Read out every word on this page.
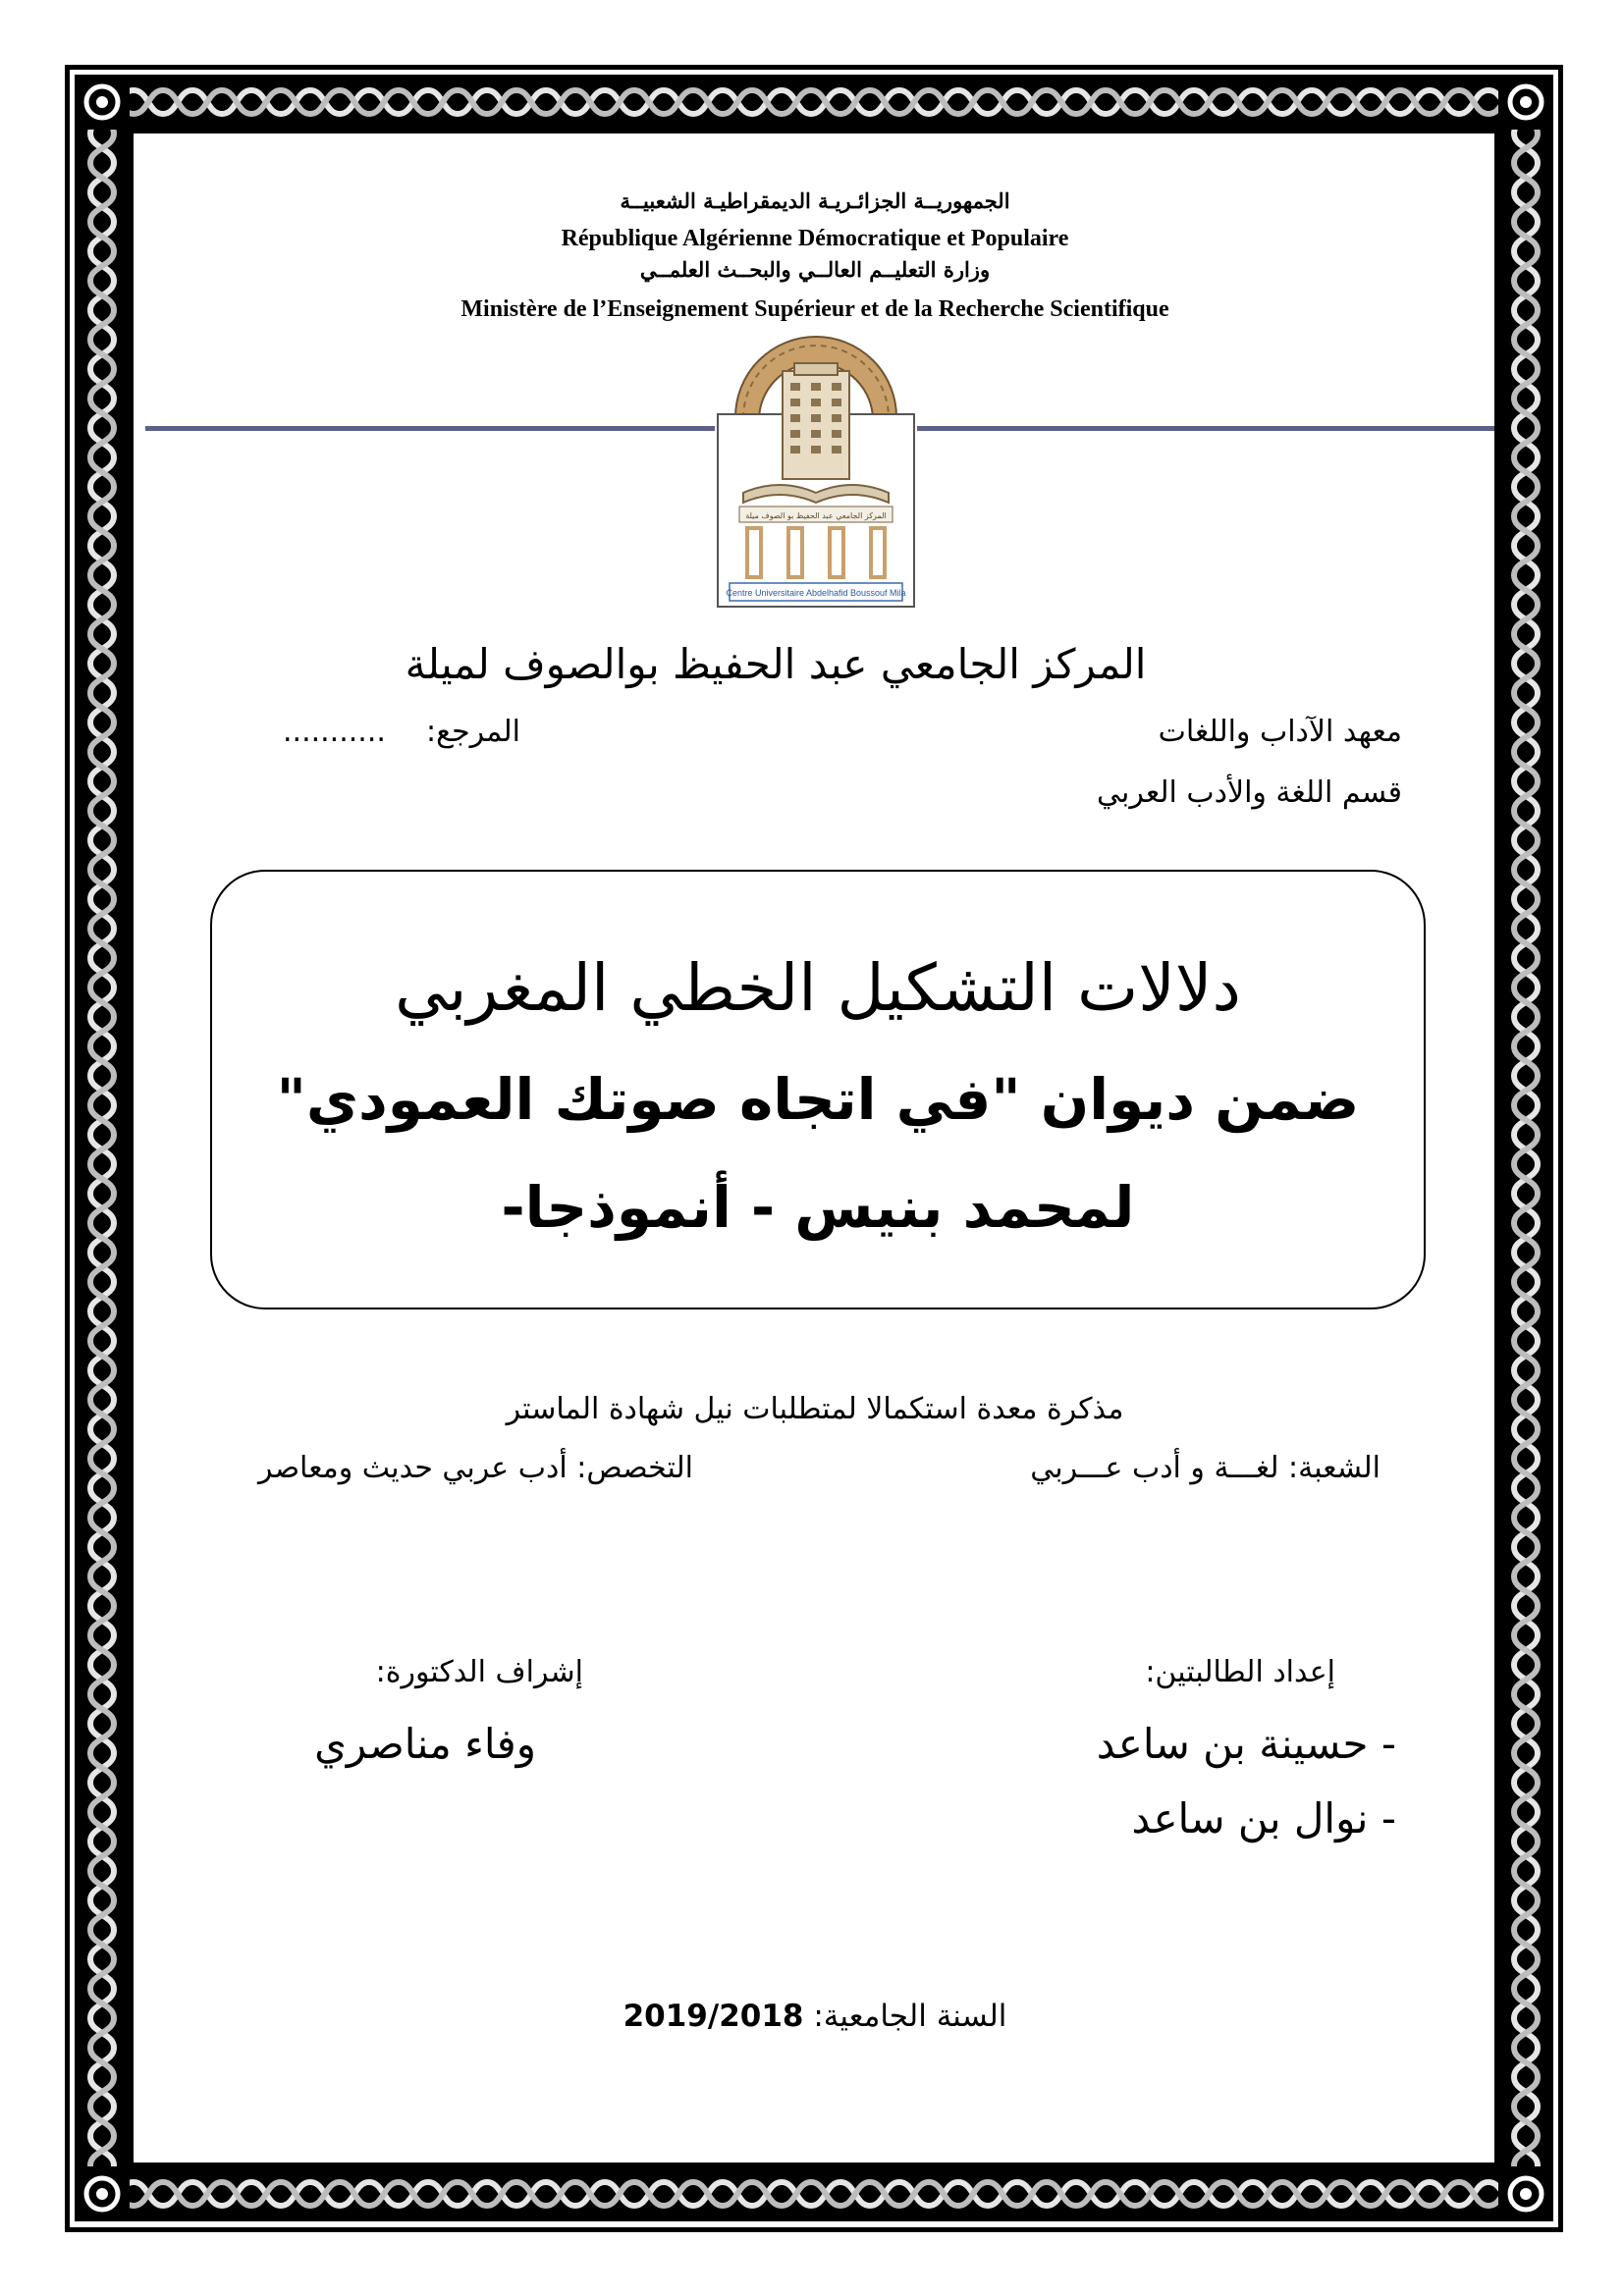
الجمهوريــة الجزائـريـة الديمقراطيـة الشعبيــة
République Algérienne Démocratique et Populaire
وزارة التعليــم العالــي والبحــث العلمــي
Ministère de l’Enseignement Supérieur et de la Recherche Scientifique
المركز الجامعي عبد الحفيظ بو الصوف ميلة
Centre Universitaire Abdelhafid Boussouf Mila
المركز الجامعي عبد الحفيظ بوالصوف لميلة
معهد الآداب واللغات
المرجع:
...........
قسم اللغة والأدب العربي
دلالات التشكيل الخطي المغربي
ضمن ديوان "في اتجاه صوتك العمودي"
لمحمد بنيس - أنموذجا-
مذكرة معدة استكمالا لمتطلبات نيل شهادة الماستر
الشعبة: لغـــة و أدب عـــربي
التخصص: أدب عربي حديث ومعاصر
إعداد الطالبتين:
- حسينة بن ساعد
- نوال بن ساعد
إشراف الدكتورة:
وفاء مناصري
السنة الجامعية: 2019/2018
